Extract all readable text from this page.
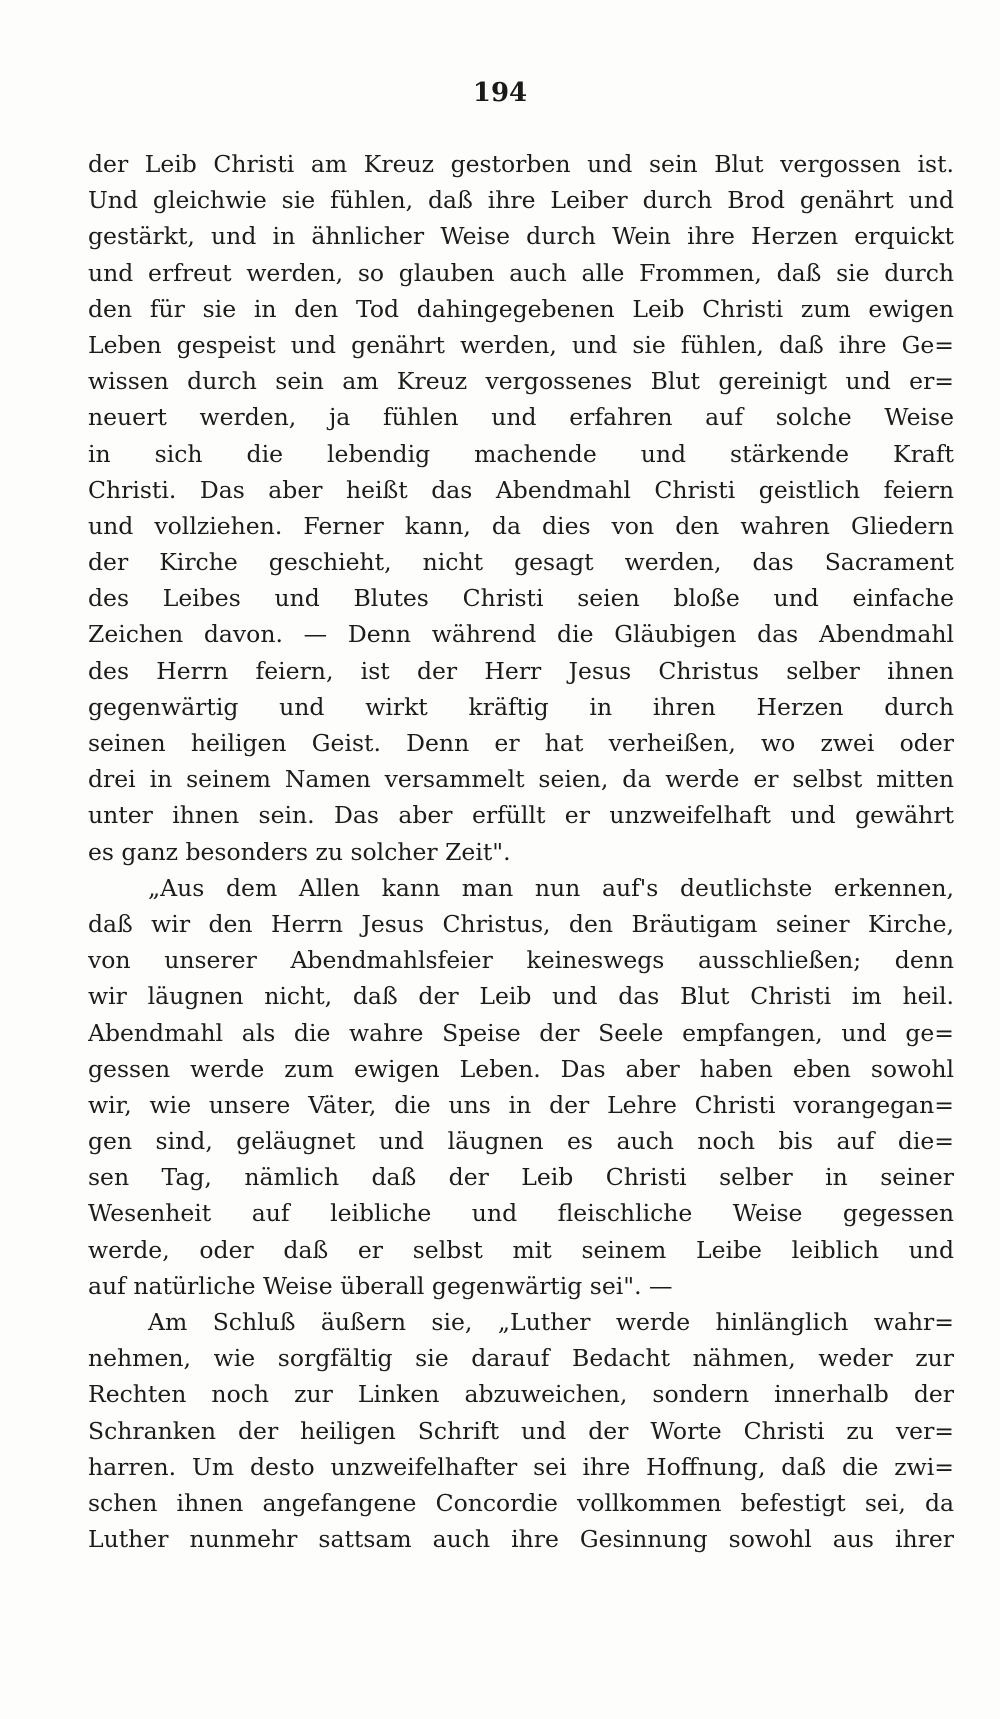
194
der Leib Christi am Kreuz gestorben und sein Blut vergossen ist.
Und gleichwie sie fühlen, daß ihre Leiber durch Brod genährt und
gestärkt, und in ähnlicher Weise durch Wein ihre Herzen erquickt
und erfreut werden, so glauben auch alle Frommen, daß sie durch
den für sie in den Tod dahingegebenen Leib Christi zum ewigen
Leben gespeist und genährt werden, und sie fühlen, daß ihre Ge=
wissen durch sein am Kreuz vergossenes Blut gereinigt und er=
neuert werden, ja fühlen und erfahren auf solche Weise
in sich die lebendig machende und stärkende Kraft
Christi. Das aber heißt das Abendmahl Christi geistlich feiern
und vollziehen. Ferner kann, da dies von den wahren Gliedern
der Kirche geschieht, nicht gesagt werden, das Sacrament
des Leibes und Blutes Christi seien bloße und einfache
Zeichen davon. — Denn während die Gläubigen das Abendmahl
des Herrn feiern, ist der Herr Jesus Christus selber ihnen
gegenwärtig und wirkt kräftig in ihren Herzen durch
seinen heiligen Geist. Denn er hat verheißen, wo zwei oder
drei in seinem Namen versammelt seien, da werde er selbst mitten
unter ihnen sein. Das aber erfüllt er unzweifelhaft und gewährt
es ganz besonders zu solcher Zeit".
„Aus dem Allen kann man nun auf's deutlichste erkennen,
daß wir den Herrn Jesus Christus, den Bräutigam seiner Kirche,
von unserer Abendmahlsfeier keineswegs ausschließen; denn
wir läugnen nicht, daß der Leib und das Blut Christi im heil.
Abendmahl als die wahre Speise der Seele empfangen, und ge=
gessen werde zum ewigen Leben. Das aber haben eben sowohl
wir, wie unsere Väter, die uns in der Lehre Christi vorangegan=
gen sind, geläugnet und läugnen es auch noch bis auf die=
sen Tag, nämlich daß der Leib Christi selber in seiner
Wesenheit auf leibliche und fleischliche Weise gegessen
werde, oder daß er selbst mit seinem Leibe leiblich und
auf natürliche Weise überall gegenwärtig sei". —
Am Schluß äußern sie, „Luther werde hinlänglich wahr=
nehmen, wie sorgfältig sie darauf Bedacht nähmen, weder zur
Rechten noch zur Linken abzuweichen, sondern innerhalb der
Schranken der heiligen Schrift und der Worte Christi zu ver=
harren. Um desto unzweifelhafter sei ihre Hoffnung, daß die zwi=
schen ihnen angefangene Concordie vollkommen befestigt sei, da
Luther nunmehr sattsam auch ihre Gesinnung sowohl aus ihrer
